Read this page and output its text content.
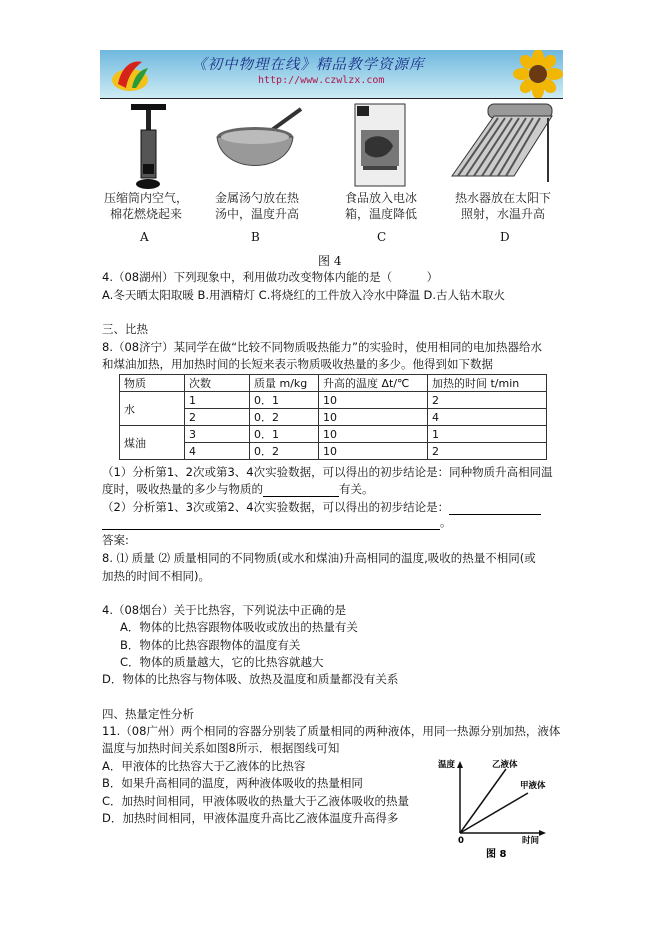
《初中物理在线》精品教学资源库
http://www.czwlzx.com
压缩筒内空气，
棉花燃烧起来
金属汤勺放在热
汤中，温度升高
食品放入电冰
箱，温度降低
热水器放在太阳下
照射，水温升高
A	B	C	D
图 4
4.（08湖州）下列现象中，利用做功改变物体内能的是（　　　）
A.冬天晒太阳取暖 B.用酒精灯 C.将烧红的工件放入冷水中降温 D.古人钻木取火
三、比热
8.（08济宁）某同学在做“比较不同物质吸热能力”的实验时，使用相同的电加热器给水
和煤油加热，用加热时间的长短来表示物质吸收热量的多少。他得到如下数据
物质	次数	质量 m/kg	升高的温度 Δt/℃	加热的时间 t/min
水	1	0．1	10	2
	2	0．2	10	4
煤油	3	0．1	10	1
	4	0．2	10	2
（1）分析第1、2次或第3、4次实验数据，可以得出的初步结论是：同种物质升高相同温
度时，吸收热量的多少与物质的	有关。
（2）分析第1、3次或第2、4次实验数据，可以得出的初步结论是：
。
答案:
8. ⑴ 质量 ⑵ 质量相同的不同物质(或水和煤油)升高相同的温度,吸收的热量不相同(或
加热的时间不相同)。
4.（08烟台）关于比热容，下列说法中正确的是
A．物体的比热容跟物体吸收或放出的热量有关
B．物体的比热容跟物体的温度有关
C．物体的质量越大，它的比热容就越大
D．物体的比热容与物体吸、放热及温度和质量都没有关系
四、热量定性分析
11.（08广州）两个相同的容器分别装了质量相同的两种液体，用同一热源分别加热，液体
温度与加热时间关系如图8所示．根据图线可知
A．甲液体的比热容大于乙液体的比热容
B．如果升高相同的温度，两种液体吸收的热量相同
C．加热时间相同，甲液体吸收的热量大于乙液体吸收的热量
D．加热时间相同，甲液体温度升高比乙液体温度升高得多
温度	乙液体
甲液体
0	时间
图 8
